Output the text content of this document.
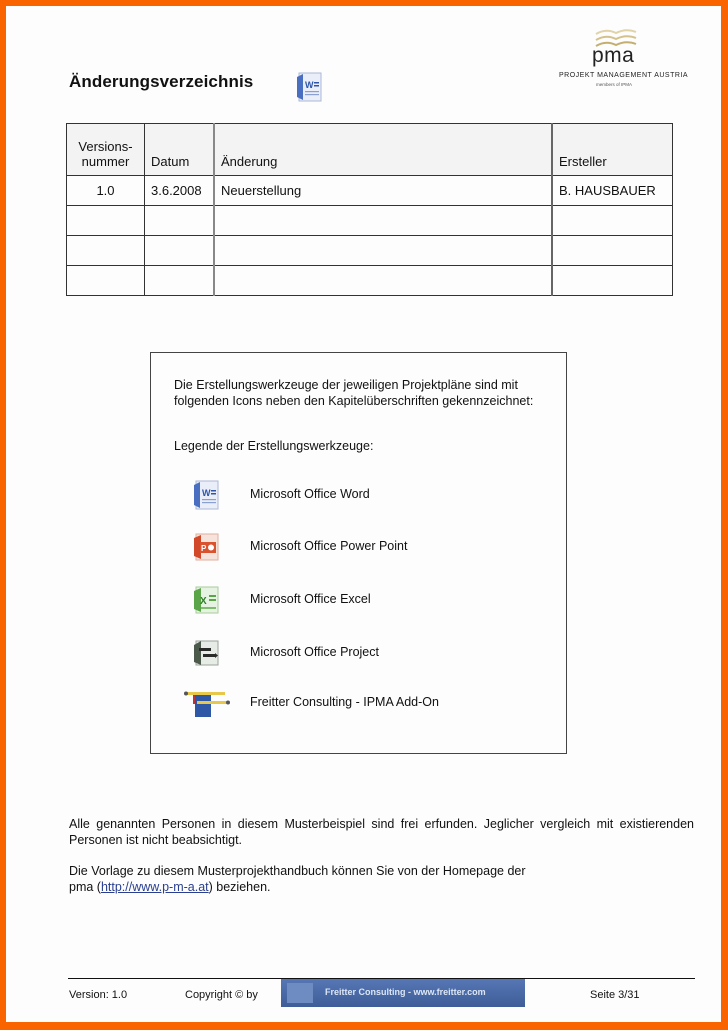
Änderungsverzeichnis	W
pma
PROJEKT MANAGEMENT AUSTRIA
members of IPMA
Versions-
nummer	Datum	Änderung	Ersteller
1.0	3.6.2008	Neuerstellung	B. HAUSBAUER

Die Erstellungswerkzeuge der jeweiligen Projektpläne sind mit folgenden Icons neben den Kapitelüberschriften gekennzeichnet:
Legende der Erstellungswerkzeuge:
W	Microsoft Office Word
P	Microsoft Office Power Point
X	Microsoft Office Excel
Microsoft Office Project
Freitter Consulting - IPMA Add-On
Alle genannten Personen in diesem Musterbeispiel sind frei erfunden. Jeglicher vergleich mit existierenden Personen ist nicht beabsichtigt.
Die Vorlage zu diesem Musterprojekthandbuch können Sie von der Homepage der
pma (http://www.p-m-a.at) beziehen.
Version: 1.0	Copyright © by	Freitter Consulting - www.freitter.com	Seite 3/31
